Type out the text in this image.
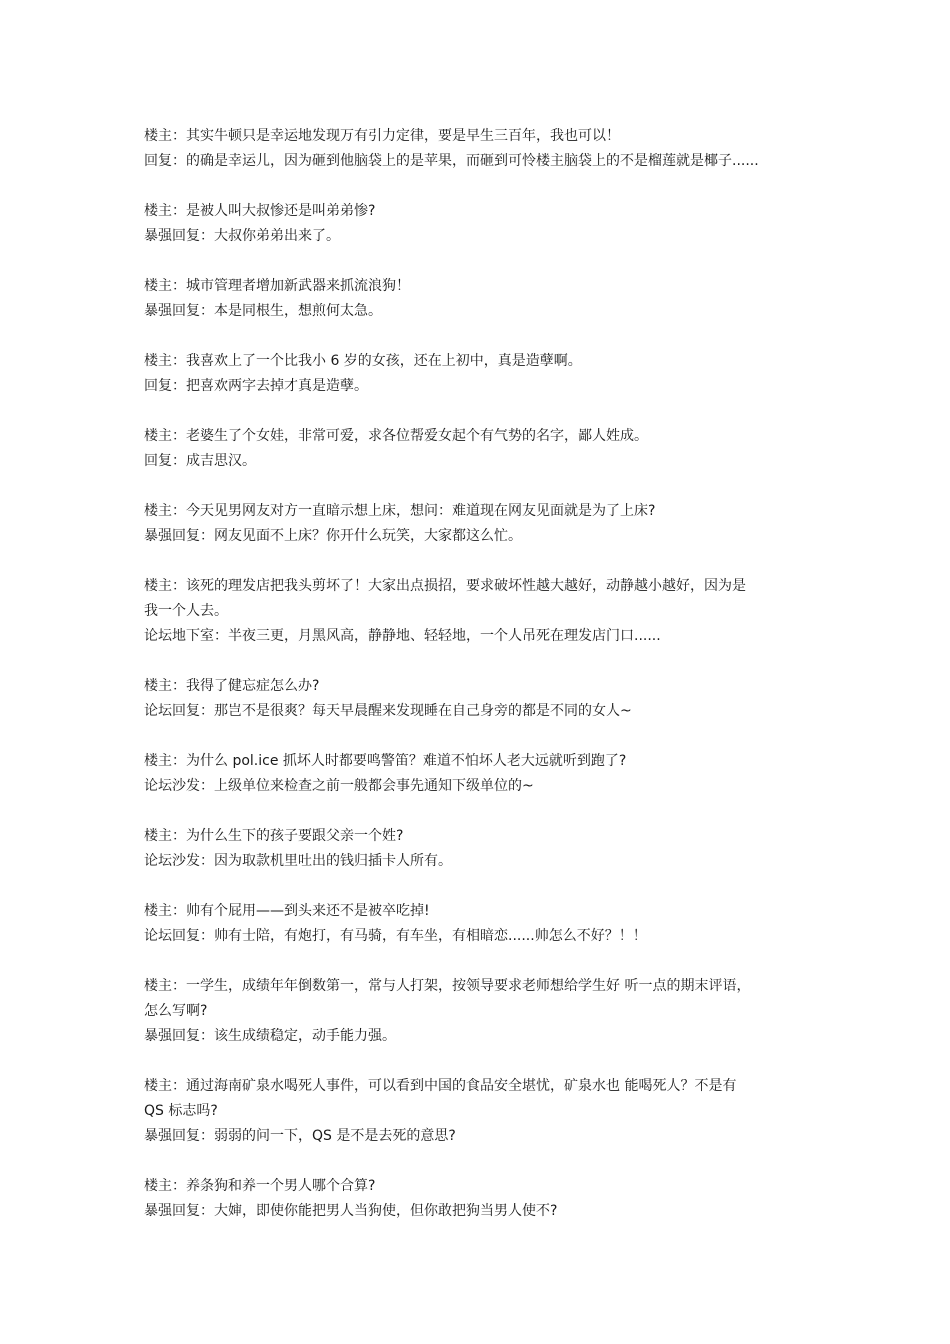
楼主：其实牛顿只是幸运地发现万有引力定律，要是早生三百年，我也可以！

回复：的确是幸运儿，因为砸到他脑袋上的是苹果，而砸到可怜楼主脑袋上的不是榴莲就是椰子......

楼主：是被人叫大叔惨还是叫弟弟惨?

暴强回复：大叔你弟弟出来了。

楼主：城市管理者增加新武器来抓流浪狗！

暴强回复：本是同根生，想煎何太急。

楼主：我喜欢上了一个比我小 6 岁的女孩，还在上初中，真是造孽啊。

回复：把喜欢两字去掉才真是造孽。

楼主：老婆生了个女娃，非常可爱，求各位帮爱女起个有气势的名字，鄙人姓成。

回复：成吉思汉。

楼主：今天见男网友对方一直暗示想上床，想问：难道现在网友见面就是为了上床?

暴强回复：网友见面不上床？你开什么玩笑，大家都这么忙。

楼主：该死的理发店把我头剪坏了！大家出点损招，要求破坏性越大越好，动静越小越好，因为是

我一个人去。

论坛地下室：半夜三更，月黑风高，静静地、轻轻地，一个人吊死在理发店门口......

楼主：我得了健忘症怎么办?

论坛回复：那岂不是很爽？每天早晨醒来发现睡在自己身旁的都是不同的女人~

楼主：为什么 pol.ice 抓坏人时都要鸣警笛？难道不怕坏人老大远就听到跑了?

论坛沙发：上级单位来检查之前一般都会事先通知下级单位的~

楼主：为什么生下的孩子要跟父亲一个姓?

论坛沙发：因为取款机里吐出的钱归插卡人所有。

楼主：帅有个屁用——到头来还不是被卒吃掉!

论坛回复：帅有士陪，有炮打，有马骑，有车坐，有相暗恋......帅怎么不好？！！

楼主：一学生，成绩年年倒数第一，常与人打架，按领导要求老师想给学生好 听一点的期末评语，

怎么写啊?

暴强回复：该生成绩稳定，动手能力强。

楼主：通过海南矿泉水喝死人事件，可以看到中国的食品安全堪忧，矿泉水也 能喝死人？不是有

QS 标志吗?

暴强回复：弱弱的问一下，QS 是不是去死的意思?

楼主：养条狗和养一个男人哪个合算?

暴强回复：大婶，即使你能把男人当狗使，但你敢把狗当男人使不?
